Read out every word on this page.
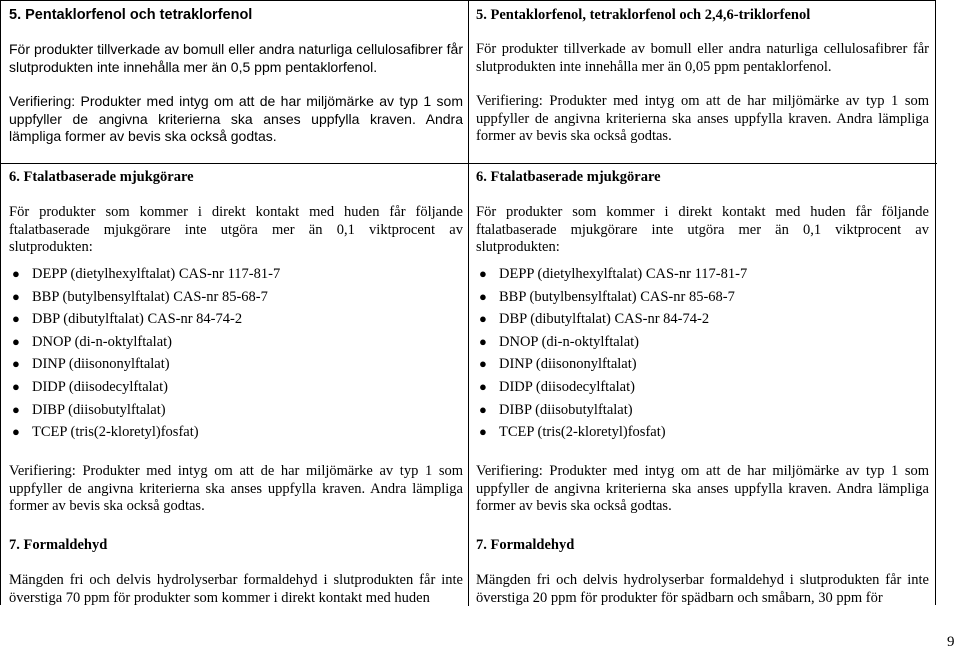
5. Pentaklorfenol och tetraklorfenol

För produkter tillverkade av bomull eller andra naturliga cellulosafibrer får slutprodukten inte innehålla mer än 0,5 ppm pentaklorfenol.

Verifiering: Produkter med intyg om att de har miljömärke av typ 1 som uppfyller de angivna kriterierna ska anses uppfylla kraven. Andra lämpliga former av bevis ska också godtas.

6. Ftalatbaserade mjukgörare

För produkter som kommer i direkt kontakt med huden får följande ftalatbaserade mjukgörare inte utgöra mer än 0,1 viktprocent av slutprodukten:

● DEPP (dietylhexylftalat) CAS-nr 117-81-7
● BBP (butylbensylftalat) CAS-nr 85-68-7
● DBP (dibutylftalat) CAS-nr 84-74-2
● DNOP (di-n-oktylftalat)
● DINP (diisononylftalat)
● DIDP (diisodecylftalat)
● DIBP (diisobutylftalat)
● TCEP (tris(2-kloretyl)fosfat)

Verifiering: Produkter med intyg om att de har miljömärke av typ 1 som uppfyller de angivna kriterierna ska anses uppfylla kraven. Andra lämpliga former av bevis ska också godtas.

7. Formaldehyd

Mängden fri och delvis hydrolyserbar formaldehyd i slutprodukten får inte överstiga 70 ppm för produkter som kommer i direkt kontakt med huden

5. Pentaklorfenol, tetraklorfenol och 2,4,6-triklorfenol

För produkter tillverkade av bomull eller andra naturliga cellulosafibrer får slutprodukten inte innehålla mer än 0,05 ppm pentaklorfenol.

Verifiering: Produkter med intyg om att de har miljömärke av typ 1 som uppfyller de angivna kriterierna ska anses uppfylla kraven. Andra lämpliga former av bevis ska också godtas.

6. Ftalatbaserade mjukgörare

För produkter som kommer i direkt kontakt med huden får följande ftalatbaserade mjukgörare inte utgöra mer än 0,1 viktprocent av slutprodukten:

● DEPP (dietylhexylftalat) CAS-nr 117-81-7
● BBP (butylbensylftalat) CAS-nr 85-68-7
● DBP (dibutylftalat) CAS-nr 84-74-2
● DNOP (di-n-oktylftalat)
● DINP (diisononylftalat)
● DIDP (diisodecylftalat)
● DIBP (diisobutylftalat)
● TCEP (tris(2-kloretyl)fosfat)

Verifiering: Produkter med intyg om att de har miljömärke av typ 1 som uppfyller de angivna kriterierna ska anses uppfylla kraven. Andra lämpliga former av bevis ska också godtas.

7. Formaldehyd

Mängden fri och delvis hydrolyserbar formaldehyd i slutprodukten får inte överstiga 20 ppm för produkter för spädbarn och småbarn, 30 ppm för

9
